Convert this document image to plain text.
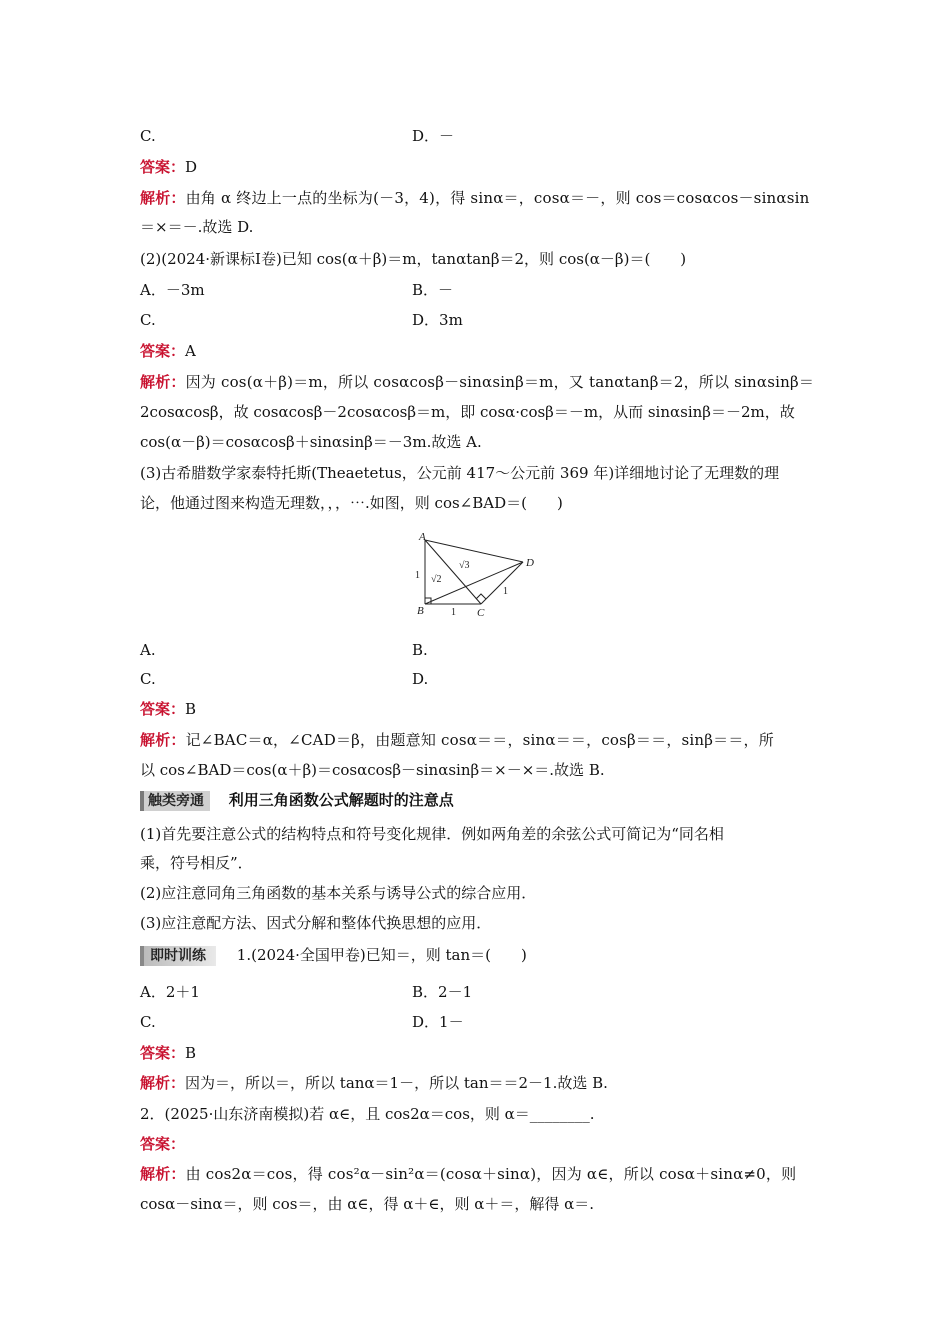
C.	D．－
答案：D
解析：由角 α 终边上一点的坐标为(－3，4)，得 sinα＝，cosα＝－，则 cos＝cosαcos－sinαsin
＝×＝－.故选 D.
(2)(2024·新课标Ⅰ卷)已知 cos(α＋β)＝m，tanαtanβ＝2，则 cos(α－β)＝(　　)
A．－3m	B．－
C.	D．3m
答案：A
解析：因为 cos(α＋β)＝m，所以 cosαcosβ－sinαsinβ＝m，又 tanαtanβ＝2，所以 sinαsinβ＝
2cosαcosβ，故 cosαcosβ－2cosαcosβ＝m，即 cosα·cosβ＝－m，从而 sinαsinβ＝－2m，故
cos(α－β)＝cosαcosβ＋sinαsinβ＝－3m.故选 A.
(3)古希腊数学家泰特托斯(Theaetetus，公元前 417～公元前 369 年)详细地讨论了无理数的理
论，他通过图来构造无理数，，，⋯.如图，则 cos∠BAD＝(　　)
A
B	C
D
1
1
1
√2
√3
A.	B.
C.	D.
答案：B
解析：记∠BAC＝α，∠CAD＝β，由题意知 cosα＝＝，sinα＝＝，cosβ＝＝，sinβ＝＝，所
以 cos∠BAD＝cos(α＋β)＝cosαcosβ－sinαsinβ＝×－×＝.故选 B.
触类旁通 利用三角函数公式解题时的注意点
(1)首先要注意公式的结构特点和符号变化规律．例如两角差的余弦公式可简记为“同名相
乘，符号相反”．
(2)应注意同角三角函数的基本关系与诱导公式的综合应用．
(3)应注意配方法、因式分解和整体代换思想的应用．
即时训练 1.(2024·全国甲卷)已知＝，则 tan＝(　　)
A．2＋1	B．2－1
C.	D．1－
答案：B
解析：因为＝，所以＝，所以 tanα＝1－，所以 tan＝＝2－1.故选 B.
2．(2025·山东济南模拟)若 α∈，且 cos2α＝cos，则 α＝________.
答案：
解析：由 cos2α＝cos，得 cos²α－sin²α＝(cosα＋sinα)，因为 α∈，所以 cosα＋sinα≠0，则
cosα－sinα＝，则 cos＝，由 α∈，得 α＋∈，则 α＋＝，解得 α＝.
